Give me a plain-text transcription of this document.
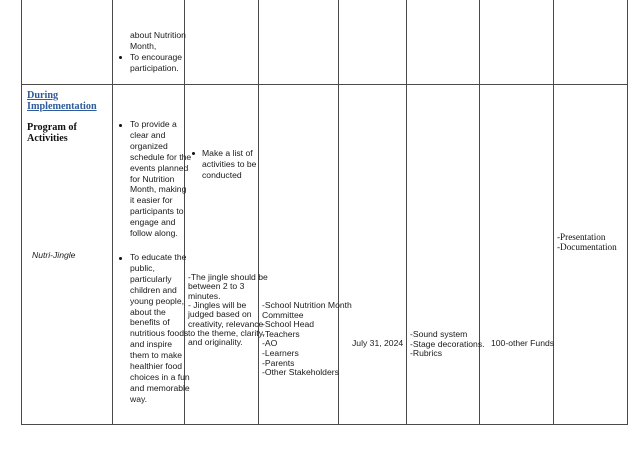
about Nutrition
Month,
To encourage
participation.
During
Implementation
Program of
Activities
Nutri-Jingle
To provide a
clear and
organized
schedule for the
events planned
for Nutrition
Month, making
it easier for
participants to
engage and
follow along.
To educate the
public,
particularly
children and
young people,
about the
benefits of
nutritious foods
and inspire
them to make
healthier food
choices in a fun
and memorable
way.
Make a list of
activities to be
conducted
-The jingle should be
between 2 to 3
minutes.
- Jingles will be
judged based on
creativity, relevance
to the theme, clarity,
and originality.
-School Nutrition Month
Committee
-School Head
-Teachers
-AO
-Learners
-Parents
-Other Stakeholders
July 31, 2024
-Sound system
-Stage decorations.
-Rubrics
100-other Funds
-Presentation
-Documentation
